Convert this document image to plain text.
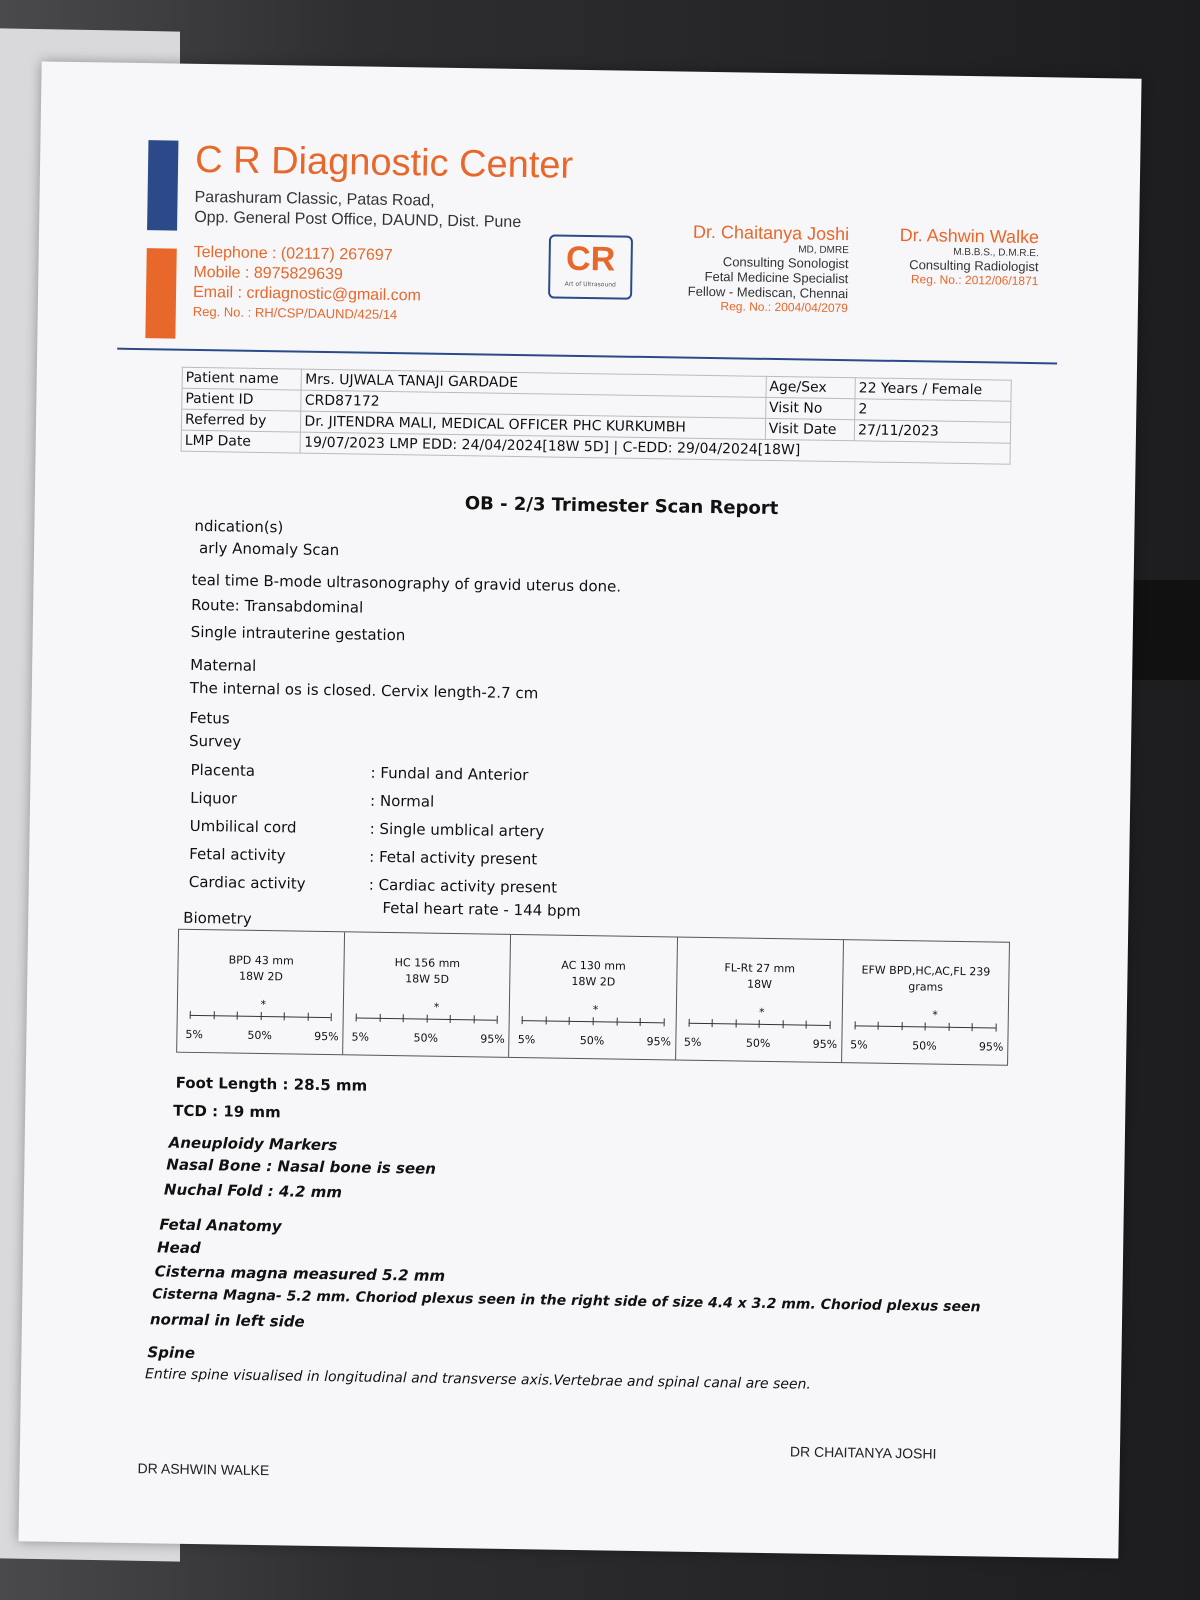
C R Diagnostic Center
Parashuram Classic, Patas Road,
Opp. General Post Office, DAUND, Dist. Pune
Telephone : (02117) 267697
Mobile : 8975829639
Email : crdiagnostic@gmail.com
Reg. No. : RH/CSP/DAUND/425/14
CR
Art of Ultrasound
Dr. Chaitanya Joshi
MD, DMRE
Consulting Sonologist
Fetal Medicine Specialist
Fellow - Mediscan, Chennai
Reg. No.: 2004/04/2079
Dr. Ashwin Walke
M.B.B.S., D.M.R.E.
Consulting Radiologist
Reg. No.: 2012/06/1871
Patient name	Mrs. UJWALA TANAJI GARDADE	Age/Sex	22 Years / Female
Patient ID	CRD87172	Visit No	2
Referred by	Dr. JITENDRA MALI, MEDICAL OFFICER PHC KURKUMBH	Visit Date	27/11/2023
LMP Date	19/07/2023 LMP EDD: 24/04/2024[18W 5D] | C-EDD: 29/04/2024[18W]		
OB - 2/3 Trimester Scan Report
ndication(s)
arly Anomaly Scan
teal time B-mode ultrasonography of gravid uterus done.
Route: Transabdominal
Single intrauterine gestation
Maternal
The internal os is closed. Cervix length-2.7 cm
Fetus
Survey
Placenta	: Fundal and Anterior
Liquor	: Normal
Umbilical cord	: Single umblical artery
Fetal activity	: Fetal activity present
Cardiac activity	: Cardiac activity present
Fetal heart rate - 144 bpm
Biometry
BPD 43 mm
18W 2D
*
5%	50%	95%
HC 156 mm
18W 5D
*
5%	50%	95%
AC 130 mm
18W 2D
*
5%	50%	95%
FL-Rt 27 mm
18W
*
5%	50%	95%
EFW BPD,HC,AC,FL 239
grams
*
5%	50%	95%
Foot Length : 28.5 mm
TCD : 19 mm
Aneuploidy Markers
Nasal Bone : Nasal bone is seen
Nuchal Fold : 4.2 mm
Fetal Anatomy
Head
Cisterna magna measured 5.2 mm
Cisterna Magna- 5.2 mm. Choriod plexus seen in the right side of size 4.4 x 3.2 mm. Choriod plexus seen
normal in left side
Spine
Entire spine visualised in longitudinal and transverse axis.Vertebrae and spinal canal are seen.
DR ASHWIN WALKE
DR CHAITANYA JOSHI
